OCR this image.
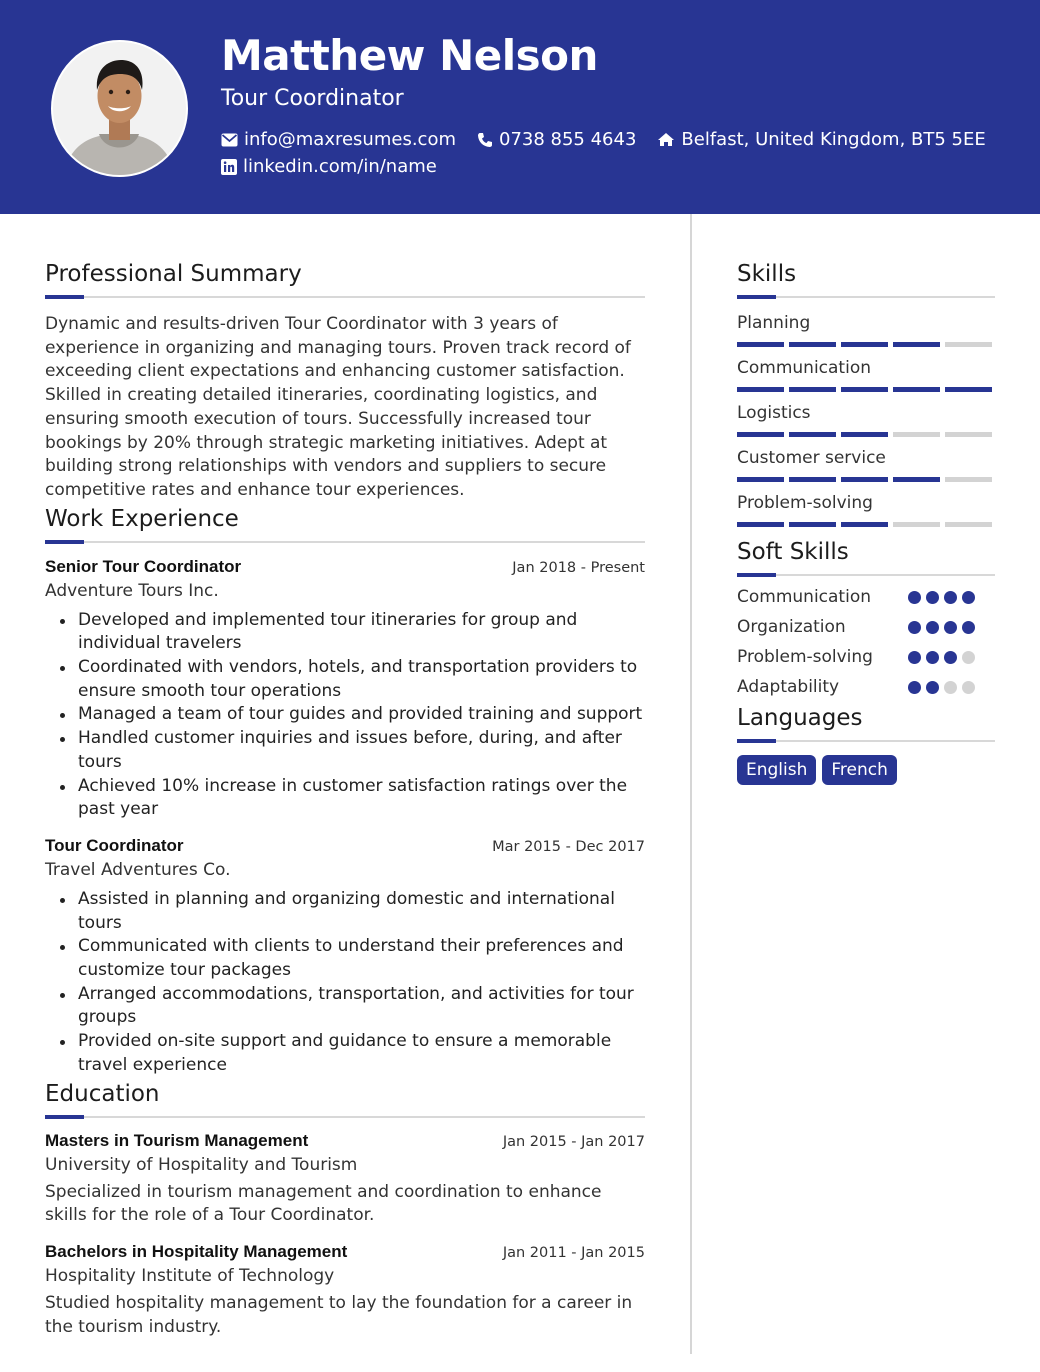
Matthew Nelson
Tour Coordinator
info@maxresumes.com 0738 855 4643	Belfast, United Kingdom, BT5 5EE
linkedin.com/in/name
Professional Summary

Dynamic and results-driven Tour Coordinator with 3 years of experience in organizing and managing tours. Proven track record of exceeding client expectations and enhancing customer satisfaction. Skilled in creating detailed itineraries, coordinating logistics, and ensuring smooth execution of tours. Successfully increased tour bookings by 20% through strategic marketing initiatives. Adept at building strong relationships with vendors and suppliers to secure competitive rates and enhance tour experiences.

Work Experience
Senior Tour Coordinator	Jan 2018 - Present
Adventure Tours Inc.
Developed and implemented tour itineraries for group and individual travelers
Coordinated with vendors, hotels, and transportation providers to ensure smooth tour operations
Managed a team of tour guides and provided training and support
Handled customer inquiries and issues before, during, and after tours
Achieved 10% increase in customer satisfaction ratings over the past year
Tour Coordinator	Mar 2015 - Dec 2017
Travel Adventures Co.
Assisted in planning and organizing domestic and international tours
Communicated with clients to understand their preferences and customize tour packages
Arranged accommodations, transportation, and activities for tour groups
Provided on-site support and guidance to ensure a memorable travel experience
Education
Masters in Tourism Management	Jan 2015 - Jan 2017
University of Hospitality and Tourism

Specialized in tourism management and coordination to enhance skills for the role of a Tour Coordinator.

Bachelors in Hospitality Management	Jan 2011 - Jan 2015
Hospitality Institute of Technology

Studied hospitality management to lay the foundation for a career in the tourism industry.

Skills
Planning
Communication
Logistics
Customer service
Problem-solving
Soft Skills
Communication
Organization
Problem-solving
Adaptability
Languages
English	French
